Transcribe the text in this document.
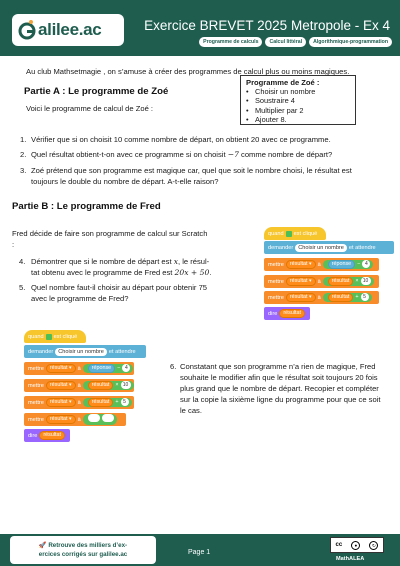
alilee.ac	Exercice BREVET 2025 Metropole - Ex 4
Programme de calculs	Calcul littéral	Algorithmique-programmation
Au club Mathsetmagie , on s’amuse à créer des programmes de calcul plus ou moins magiques.
Partie A : Le programme de Zoé
Voici le programme de calcul de Zoé :
Programme de Zoé :
• Choisir un nombre
• Soustraire 4
• Multiplier par 2
• Ajouter 8.
1. Vérifier que si on choisit 10 comme nombre de départ, on obtient 20 avec ce programme.
2. Quel résultat obtient-t-on avec ce programme si on choisit −7 comme nombre de départ?
3. Zoé prétend que son programme est magique car, quel que soit le nombre choisi, le résultat est
toujours le double du nombre de départ. A-t-elle raison?
Partie B : Le programme de Fred
Fred décide de faire son programme de calcul sur Scratch
:
4. Démontrer que si le nombre de départ est x, le résul-
tat obtenu avec le programme de Fred est 20x + 50.
5. Quel nombre faut-il choisir au départ pour obtenir 75
avec le programme de Fred?
quand est cliqué
demander Choisir un nombre et attendre
mettre	résultat ▾	à	réponse − 4
mettre	résultat ▾	à	résultat × 10
mettre	résultat ▾	à	résultat + 5
dire	résultat
quand est cliqué
demander Choisir un nombre et attendre
mettre	résultat ▾	à	réponse − 4
mettre	résultat ▾	à	résultat × 10
mettre	résultat ▾	à	résultat + 5
mettre	résultat ▾	à
dire	résultat
6. Constatant que son programme n’a rien de magique, Fred
souhaite le modifier afin que le résultat soit toujours 20 fois
plus grand que le nombre de départ. Recopier et compléter
sur la copie la sixième ligne du programme pour que ce soit
le cas.
🚀 Retrouve des milliers d’ex-
ercices corrigés sur galilee.ac	Page 1
cc	●	↻
MathALEA
